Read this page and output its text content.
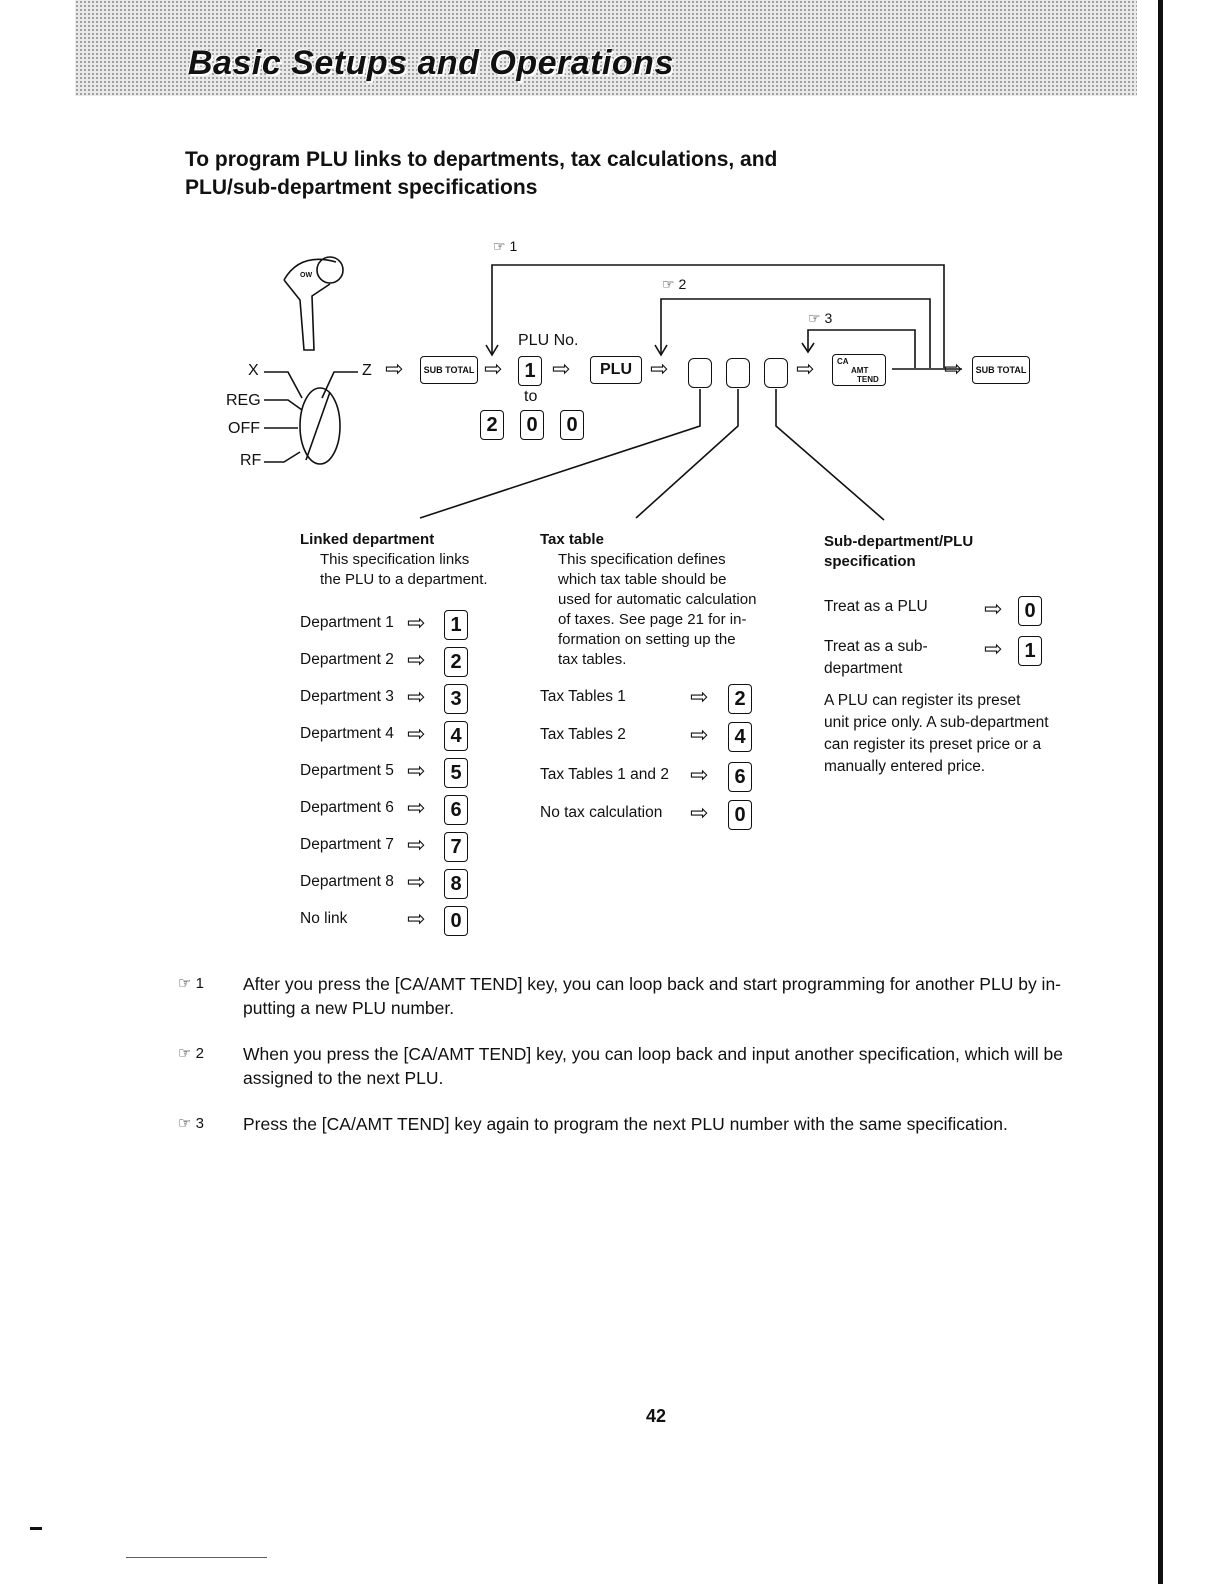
Basic Setups and Operations
To program PLU links to departments, tax calculations, and
PLU/sub-department specifications
OW
X	Z
REG
OFF
RF
☞ 1
☞ 2
☞ 3
⇨	SUB TOTAL ⇨
PLU No.
1 ⇨	PLU ⇨
to
2	0	0
⇨	CA
AMT
TEND	⇨	SUB TOTAL
Linked department
This specification links
the PLU to a department.
Department 1 ⇨	1
Department 2 ⇨	2
Department 3 ⇨	3
Department 4 ⇨	4
Department 5 ⇨	5
Department 6 ⇨	6
Department 7 ⇨	7
Department 8 ⇨	8
No link	⇨	0
Tax table
This specification defines
which tax table should be
used for automatic calculation
of taxes. See page 21 for in-
formation on setting up the
tax tables.
Tax Tables 1	⇨	2
Tax Tables 2	⇨	4
Tax Tables 1 and 2 ⇨	6
No tax calculation ⇨	0
Sub-department/PLU
specification
Treat as a PLU	⇨	0
Treat as a sub-
department
⇨	1
A PLU can register its preset
unit price only. A sub-department
can register its preset price or a
manually entered price.
☞ 1 After you press the [CA/AMT TEND] key, you can loop back and start programming for another PLU by in-
putting a new PLU number.
☞ 2 When you press the [CA/AMT TEND] key, you can loop back and input another specification, which will be
assigned to the next PLU.
☞ 3 Press the [CA/AMT TEND] key again to program the next PLU number with the same specification.
42
